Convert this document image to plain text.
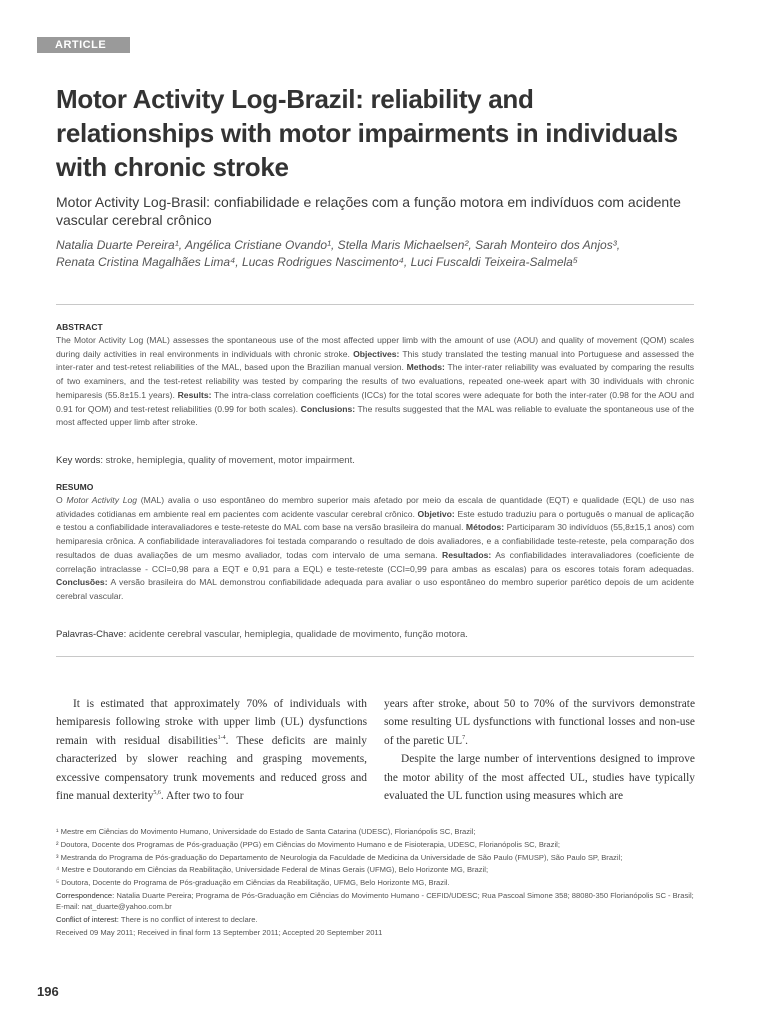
ARTICLE
Motor Activity Log-Brazil: reliability and relationships with motor impairments in individuals with chronic stroke
Motor Activity Log-Brasil: confiabilidade e relações com a função motora em indivíduos com acidente vascular cerebral crônico
Natalia Duarte Pereira¹, Angélica Cristiane Ovando¹, Stella Maris Michaelsen², Sarah Monteiro dos Anjos³,
Renata Cristina Magalhães Lima⁴, Lucas Rodrigues Nascimento⁴, Luci Fuscaldi Teixeira-Salmela⁵
ABSTRACT
The Motor Activity Log (MAL) assesses the spontaneous use of the most affected upper limb with the amount of use (AOU) and quality of movement (QOM) scales during daily activities in real environments in individuals with chronic stroke. Objectives: This study translated the testing manual into Portuguese and assessed the inter-rater and test-retest reliabilities of the MAL, based upon the Brazilian manual version. Methods: The inter-rater reliability was evaluated by comparing the results of two examiners, and the test-retest reliability was tested by comparing the results of two evaluations, repeated one-week apart with 30 individuals with chronic hemiparesis (55.8±15.1 years). Results: The intra-class correlation coefficients (ICCs) for the total scores were adequate for both the inter-rater (0.98 for the AOU and 0.91 for QOM) and test-retest reliabilities (0.99 for both scales). Conclusions: The results suggested that the MAL was reliable to evaluate the spontaneous use of the most affected upper limb after stroke.
Key words: stroke, hemiplegia, quality of movement, motor impairment.
RESUMO
O Motor Activity Log (MAL) avalia o uso espontâneo do membro superior mais afetado por meio da escala de quantidade (EQT) e qualidade (EQL) de uso nas atividades cotidianas em ambiente real em pacientes com acidente vascular cerebral crônico. Objetivo: Este estudo traduziu para o português o manual de aplicação e testou a confiabilidade interavaliadores e teste-reteste do MAL com base na versão brasileira do manual. Métodos: Participaram 30 indivíduos (55,8±15,1 anos) com hemiparesia crônica. A confiabilidade interavaliadores foi testada comparando o resultado de dois avaliadores, e a confiabilidade teste-reteste, pela comparação dos resultados de duas avaliações de um mesmo avaliador, todas com intervalo de uma semana. Resultados: As confiabilidades interavaliadores (coeficiente de correlação intraclasse - CCI=0,98 para a EQT e 0,91 para a EQL) e teste-reteste (CCI=0,99 para ambas as escalas) para os escores totais foram adequadas. Conclusões: A versão brasileira do MAL demonstrou confiabilidade adequada para avaliar o uso espontâneo do membro superior parético depois de um acidente cerebral vascular.
Palavras-Chave: acidente cerebral vascular, hemiplegia, qualidade de movimento, função motora.

It is estimated that approximately 70% of individuals with hemiparesis following stroke with upper limb (UL) dysfunctions remain with residual disabilities$^{1-4}$. These deficits are mainly characterized by slower reaching and grasping movements, excessive compensatory trunk movements and reduced gross and fine manual dexterity$^{5,6}$. After two to four

years after stroke, about 50 to 70% of the survivors demonstrate some resulting UL dysfunctions with functional losses and non-use of the paretic $UL^7$.

Despite the large number of interventions designed to improve the motor ability of the most affected UL, studies have typically evaluated the UL function using measures which are

¹ Mestre em Ciências do Movimento Humano, Universidade do Estado de Santa Catarina (UDESC), Florianópolis SC, Brazil;
² Doutora, Docente dos Programas de Pós-graduação (PPG) em Ciências do Movimento Humano e de Fisioterapia, UDESC, Florianópolis SC, Brazil;
³ Mestranda do Programa de Pós-graduação do Departamento de Neurologia da Faculdade de Medicina da Universidade de São Paulo (FMUSP), São Paulo SP, Brazil;
⁴ Mestre e Doutorando em Ciências da Reabilitação, Universidade Federal de Minas Gerais (UFMG), Belo Horizonte MG, Brazil;
⁵ Doutora, Docente do Programa de Pós-graduação em Ciências da Reabilitação, UFMG, Belo Horizonte MG, Brazil.
Correspondence: Natalia Duarte Pereira; Programa de Pós-Graduação em Ciências do Movimento Humano - CEFID/UDESC; Rua Pascoal Simone 358; 88080-350 Florianópolis SC - Brasil; E-mail: nat_duarte@yahoo.com.br
Conflict of interest: There is no conflict of interest to declare.
Received 09 May 2011; Received in final form 13 September 2011; Accepted 20 September 2011
196
